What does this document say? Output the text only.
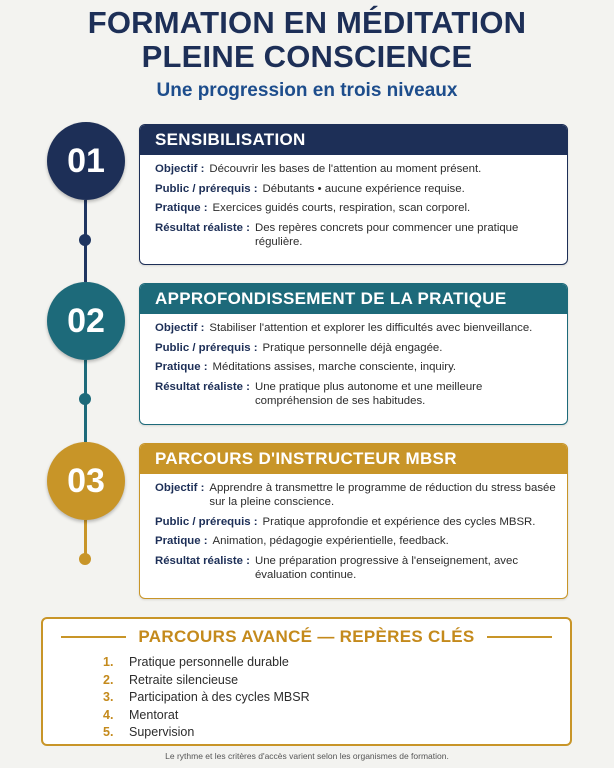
FORMATION EN MÉDITATION
PLEINE CONSCIENCE
Une progression en trois niveaux
01
SENSIBILISATION
Objectif : Découvrir les bases de l'attention au moment présent.
Public / prérequis : Débutants • aucune expérience requise.
Pratique : Exercices guidés courts, respiration, scan corporel.
Résultat réaliste : Des repères concrets pour commencer une pratique régulière.
02
APPROFONDISSEMENT DE LA PRATIQUE
Objectif : Stabiliser l'attention et explorer les difficultés avec bienveillance.
Public / prérequis : Pratique personnelle déjà engagée.
Pratique : Méditations assises, marche consciente, inquiry.
Résultat réaliste : Une pratique plus autonome et une meilleure compréhension de ses habitudes.
03
PARCOURS D'INSTRUCTEUR MBSR
Objectif : Apprendre à transmettre le programme de réduction du stress basée sur la pleine conscience.
Public / prérequis : Pratique approfondie et expérience des cycles MBSR.
Pratique : Animation, pédagogie expérientielle, feedback.
Résultat réaliste : Une préparation progressive à l'enseignement, avec évaluation continue.
PARCOURS AVANCÉ — REPÈRES CLÉS
1.	Pratique personnelle durable
2.	Retraite silencieuse
3.	Participation à des cycles MBSR
4.	Mentorat
5.	Supervision
Le rythme et les critères d'accès varient selon les organismes de formation.
